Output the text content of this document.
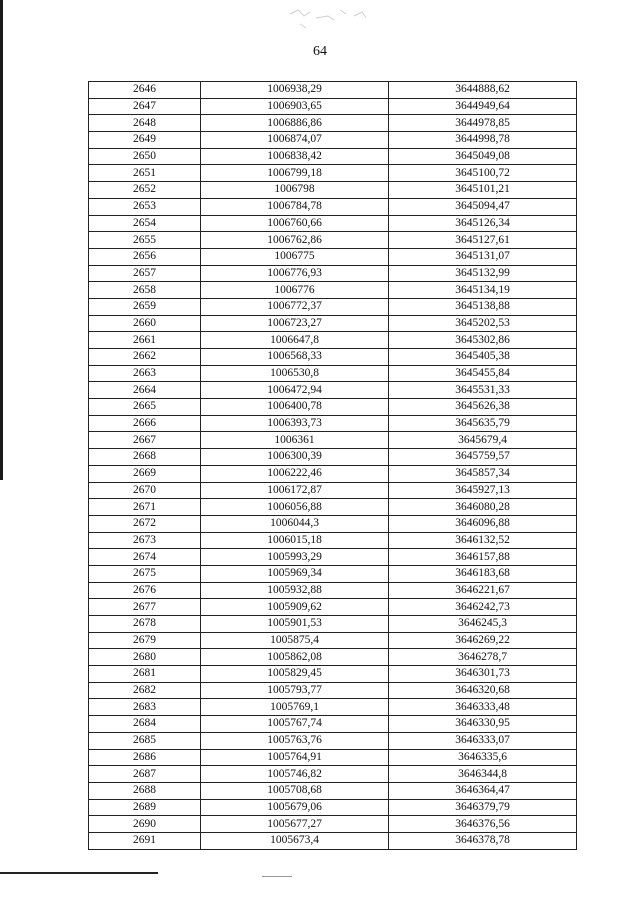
64
2646	1006938,29	3644888,62
2647	1006903,65	3644949,64
2648	1006886,86	3644978,85
2649	1006874,07	3644998,78
2650	1006838,42	3645049,08
2651	1006799,18	3645100,72
2652	1006798	3645101,21
2653	1006784,78	3645094,47
2654	1006760,66	3645126,34
2655	1006762,86	3645127,61
2656	1006775	3645131,07
2657	1006776,93	3645132,99
2658	1006776	3645134,19
2659	1006772,37	3645138,88
2660	1006723,27	3645202,53
2661	1006647,8	3645302,86
2662	1006568,33	3645405,38
2663	1006530,8	3645455,84
2664	1006472,94	3645531,33
2665	1006400,78	3645626,38
2666	1006393,73	3645635,79
2667	1006361	3645679,4
2668	1006300,39	3645759,57
2669	1006222,46	3645857,34
2670	1006172,87	3645927,13
2671	1006056,88	3646080,28
2672	1006044,3	3646096,88
2673	1006015,18	3646132,52
2674	1005993,29	3646157,88
2675	1005969,34	3646183,68
2676	1005932,88	3646221,67
2677	1005909,62	3646242,73
2678	1005901,53	3646245,3
2679	1005875,4	3646269,22
2680	1005862,08	3646278,7
2681	1005829,45	3646301,73
2682	1005793,77	3646320,68
2683	1005769,1	3646333,48
2684	1005767,74	3646330,95
2685	1005763,76	3646333,07
2686	1005764,91	3646335,6
2687	1005746,82	3646344,8
2688	1005708,68	3646364,47
2689	1005679,06	3646379,79
2690	1005677,27	3646376,56
2691	1005673,4	3646378,78
